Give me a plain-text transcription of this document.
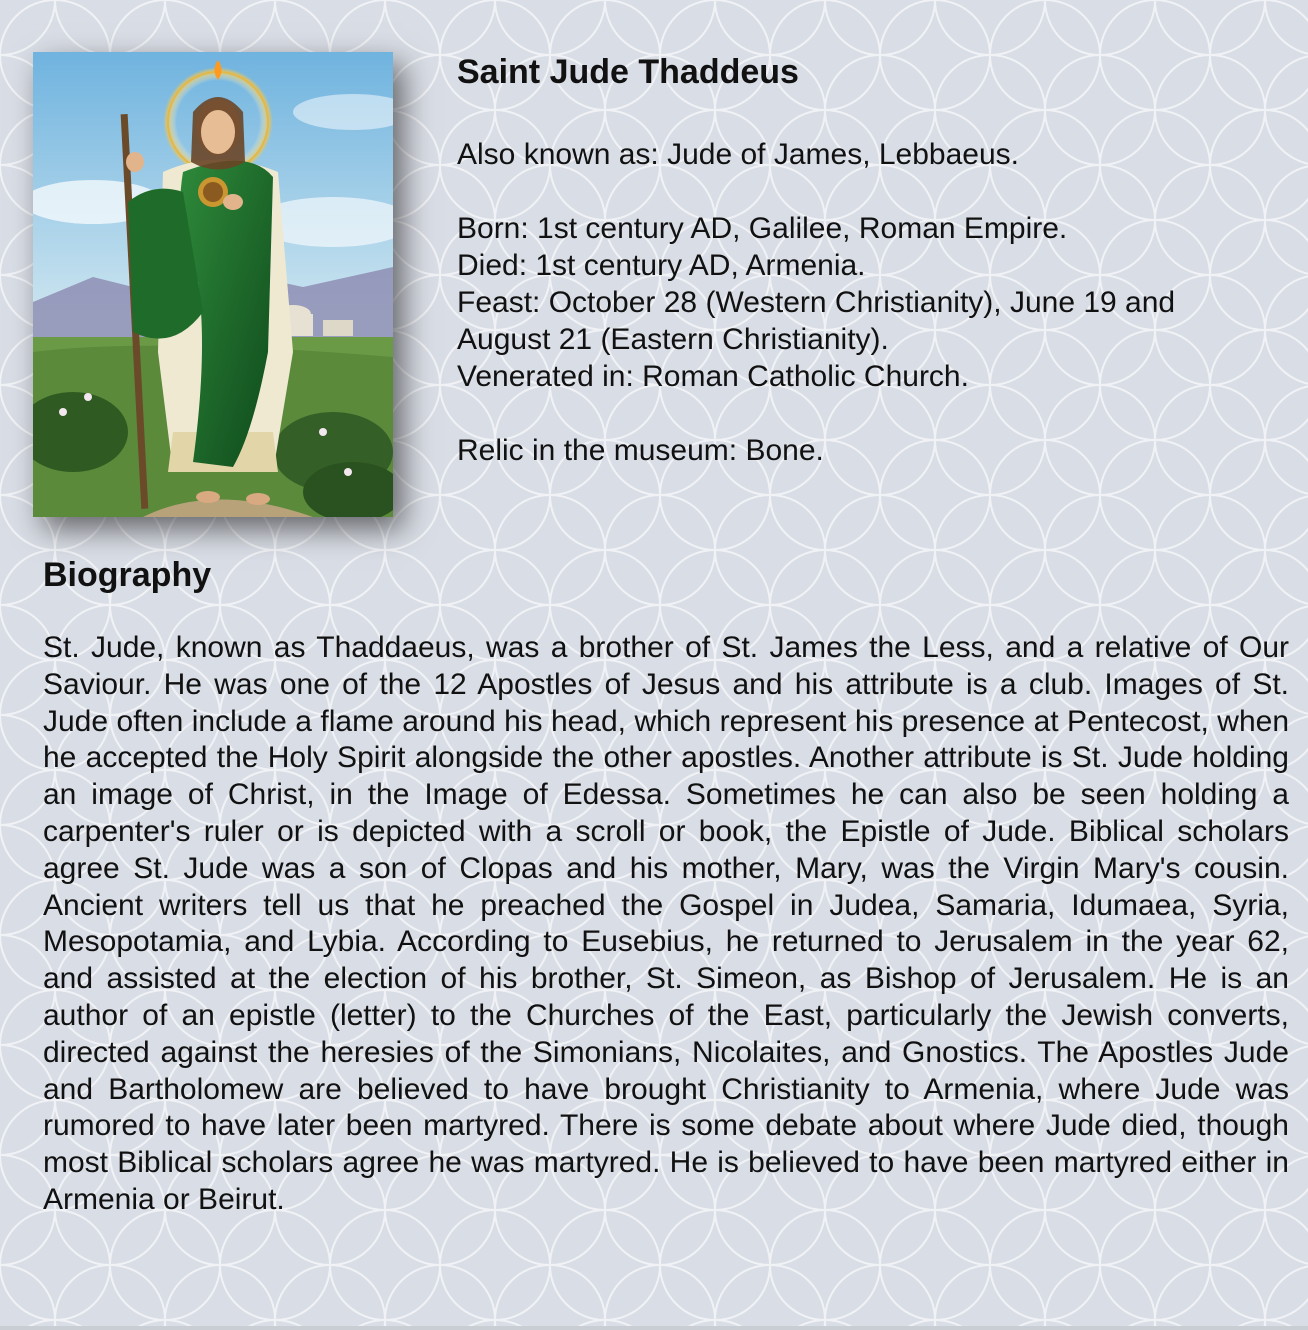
Saint Jude Thaddeus

Also known as: Jude of James, Lebbaeus.

Born: 1st century AD, Galilee, Roman Empire.

Died: 1st century AD, Armenia.

Feast: October 28 (Western Christianity), June 19 and August 21 (Eastern Christianity).

Venerated in: Roman Catholic Church.

Relic in the museum: Bone.

Biography

St. Jude, known as Thaddaeus, was a brother of St. James the Less, and a relative of Our Saviour. He was one of the 12 Apostles of Jesus and his attribute is a club. Images of St. Jude often include a flame around his head, which represent his presence at Pentecost, when he accepted the Holy Spirit alongside the other apostles. Another attribute is St. Jude holding an image of Christ, in the Image of Edessa. Sometimes he can also be seen holding a carpenter's ruler or is depicted with a scroll or book, the Epistle of Jude. Biblical scholars agree St. Jude was a son of Clopas and his mother, Mary, was the Virgin Mary's cousin. Ancient writers tell us that he preached the Gospel in Judea, Samaria, Idumaea, Syria, Mesopotamia, and Lybia. According to Eusebius, he returned to Jerusalem in the year 62, and assisted at the election of his brother, St. Simeon, as Bishop of Jerusalem. He is an author of an epistle (letter) to the Churches of the East, particularly the Jewish converts, directed against the heresies of the Simonians, Nicolaites, and Gnostics. The Apostles Jude and Bartholomew are believed to have brought Christianity to Armenia, where Jude was rumored to have later been martyred. There is some debate about where Jude died, though most Biblical scholars agree he was martyred. He is believed to have been martyred either in Armenia or Beirut.
